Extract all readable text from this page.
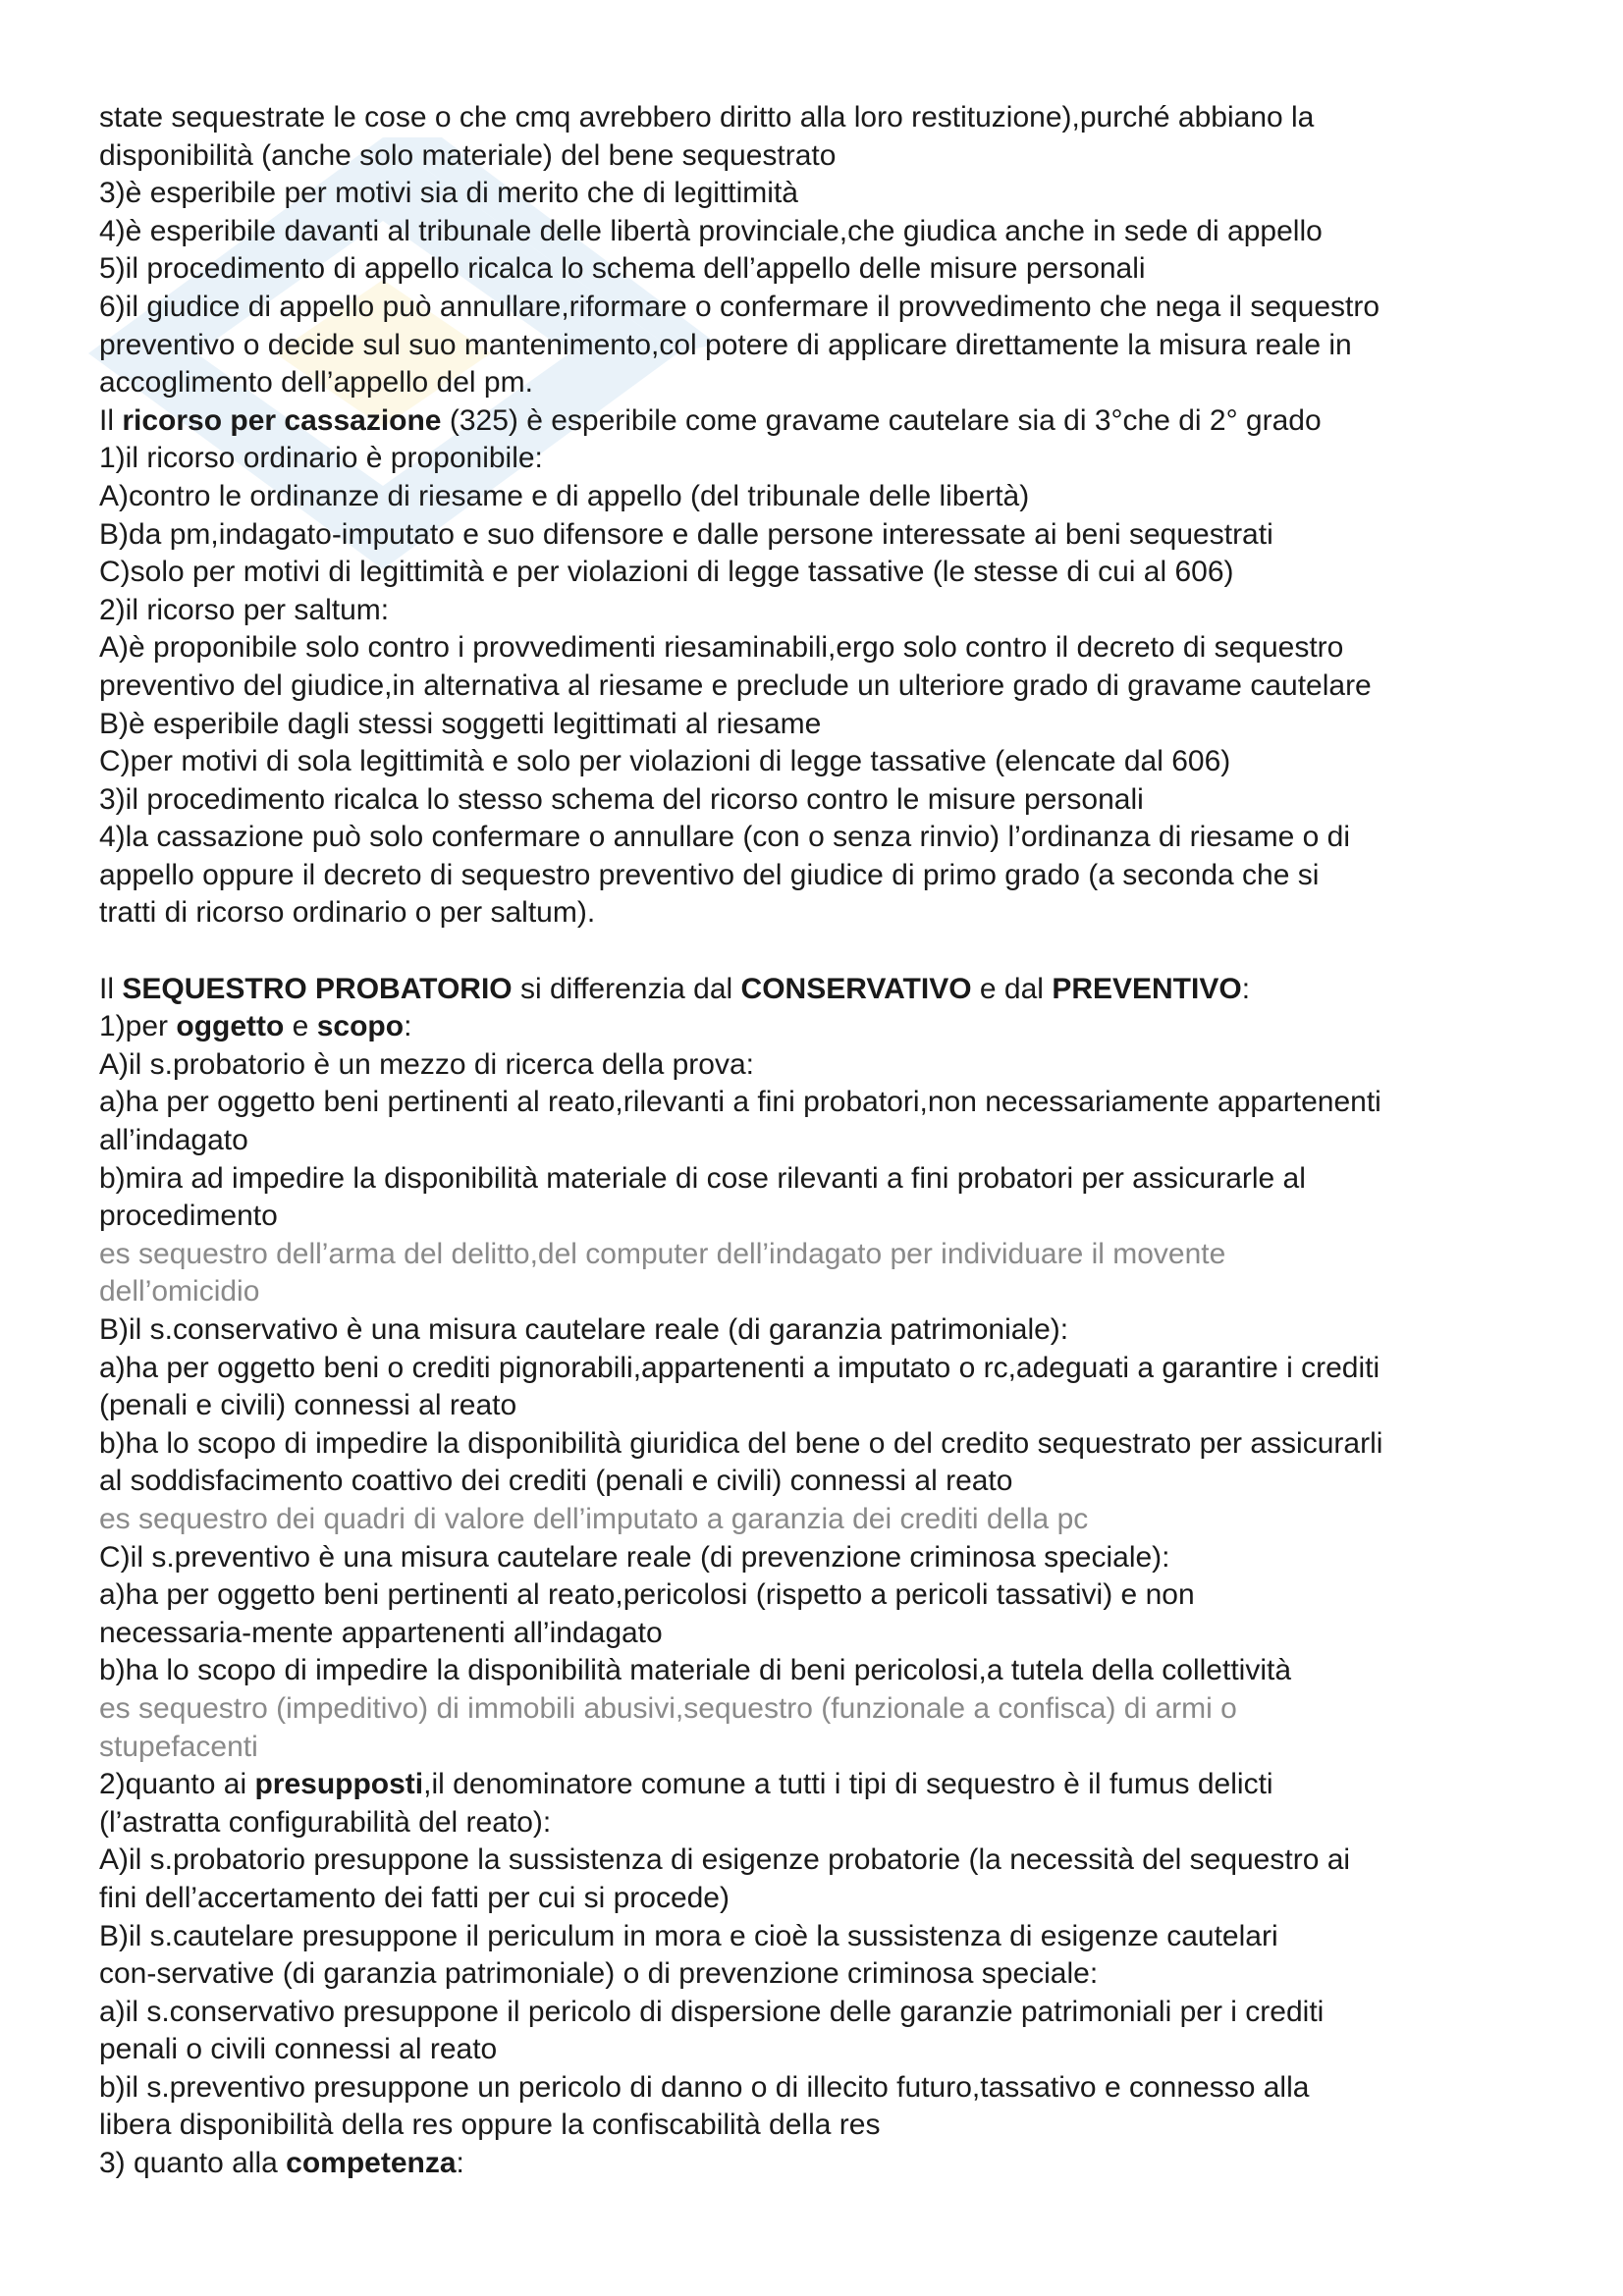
state sequestrate le cose o che cmq avrebbero diritto alla loro restituzione),purché abbiano la
disponibilità (anche solo materiale) del bene sequestrato
3)è esperibile per motivi sia di merito che di legittimità
4)è esperibile davanti al tribunale delle libertà provinciale,che giudica anche in sede di appello
5)il procedimento di appello ricalca lo schema dell’appello delle misure personali
6)il giudice di appello può annullare,riformare o confermare il provvedimento che nega il sequestro
preventivo o decide sul suo mantenimento,col potere di applicare direttamente la misura reale in
accoglimento dell’appello del pm.
Il ricorso per cassazione (325) è esperibile come gravame cautelare sia di 3°che di 2° grado
1)il ricorso ordinario è proponibile:
A)contro le ordinanze di riesame e di appello (del tribunale delle libertà)
B)da pm,indagato-imputato e suo difensore e dalle persone interessate ai beni sequestrati
C)solo per motivi di legittimità e per violazioni di legge tassative (le stesse di cui al 606)
2)il ricorso per saltum:
A)è proponibile solo contro i provvedimenti riesaminabili,ergo solo contro il decreto di sequestro
preventivo del giudice,in alternativa al riesame e preclude un ulteriore grado di gravame cautelare
B)è esperibile dagli stessi soggetti legittimati al riesame
C)per motivi di sola legittimità e solo per violazioni di legge tassative (elencate dal 606)
3)il procedimento ricalca lo stesso schema del ricorso contro le misure personali
4)la cassazione può solo confermare o annullare (con o senza rinvio) l’ordinanza di riesame o di
appello oppure il decreto di sequestro preventivo del giudice di primo grado (a seconda che si
tratti di ricorso ordinario o per saltum).
Il SEQUESTRO PROBATORIO si differenzia dal CONSERVATIVO e dal PREVENTIVO:
1)per oggetto e scopo:
A)il s.probatorio è un mezzo di ricerca della prova:
a)ha per oggetto beni pertinenti al reato,rilevanti a fini probatori,non necessariamente appartenenti
all’indagato
b)mira ad impedire la disponibilità materiale di cose rilevanti a fini probatori per assicurarle al
procedimento
es sequestro dell’arma del delitto,del computer dell’indagato per individuare il movente
dell’omicidio
B)il s.conservativo è una misura cautelare reale (di garanzia patrimoniale):
a)ha per oggetto beni o crediti pignorabili,appartenenti a imputato o rc,adeguati a garantire i crediti
(penali e civili) connessi al reato
b)ha lo scopo di impedire la disponibilità giuridica del bene o del credito sequestrato per assicurarli
al soddisfacimento coattivo dei crediti (penali e civili) connessi al reato
es sequestro dei quadri di valore dell’imputato a garanzia dei crediti della pc
C)il s.preventivo è una misura cautelare reale (di prevenzione criminosa speciale):
a)ha per oggetto beni pertinenti al reato,pericolosi (rispetto a pericoli tassativi) e non
necessaria-mente appartenenti all’indagato
b)ha lo scopo di impedire la disponibilità materiale di beni pericolosi,a tutela della collettività
es sequestro (impeditivo) di immobili abusivi,sequestro (funzionale a confisca) di armi o
stupefacenti
2)quanto ai presupposti,il denominatore comune a tutti i tipi di sequestro è il fumus delicti
(l’astratta configurabilità del reato):
A)il s.probatorio presuppone la sussistenza di esigenze probatorie (la necessità del sequestro ai
fini dell’accertamento dei fatti per cui si procede)
B)il s.cautelare presuppone il periculum in mora e cioè la sussistenza di esigenze cautelari
con-servative (di garanzia patrimoniale) o di prevenzione criminosa speciale:
a)il s.conservativo presuppone il pericolo di dispersione delle garanzie patrimoniali per i crediti
penali o civili connessi al reato
b)il s.preventivo presuppone un pericolo di danno o di illecito futuro,tassativo e connesso alla
libera disponibilità della res oppure la confiscabilità della res
3) quanto alla competenza:
